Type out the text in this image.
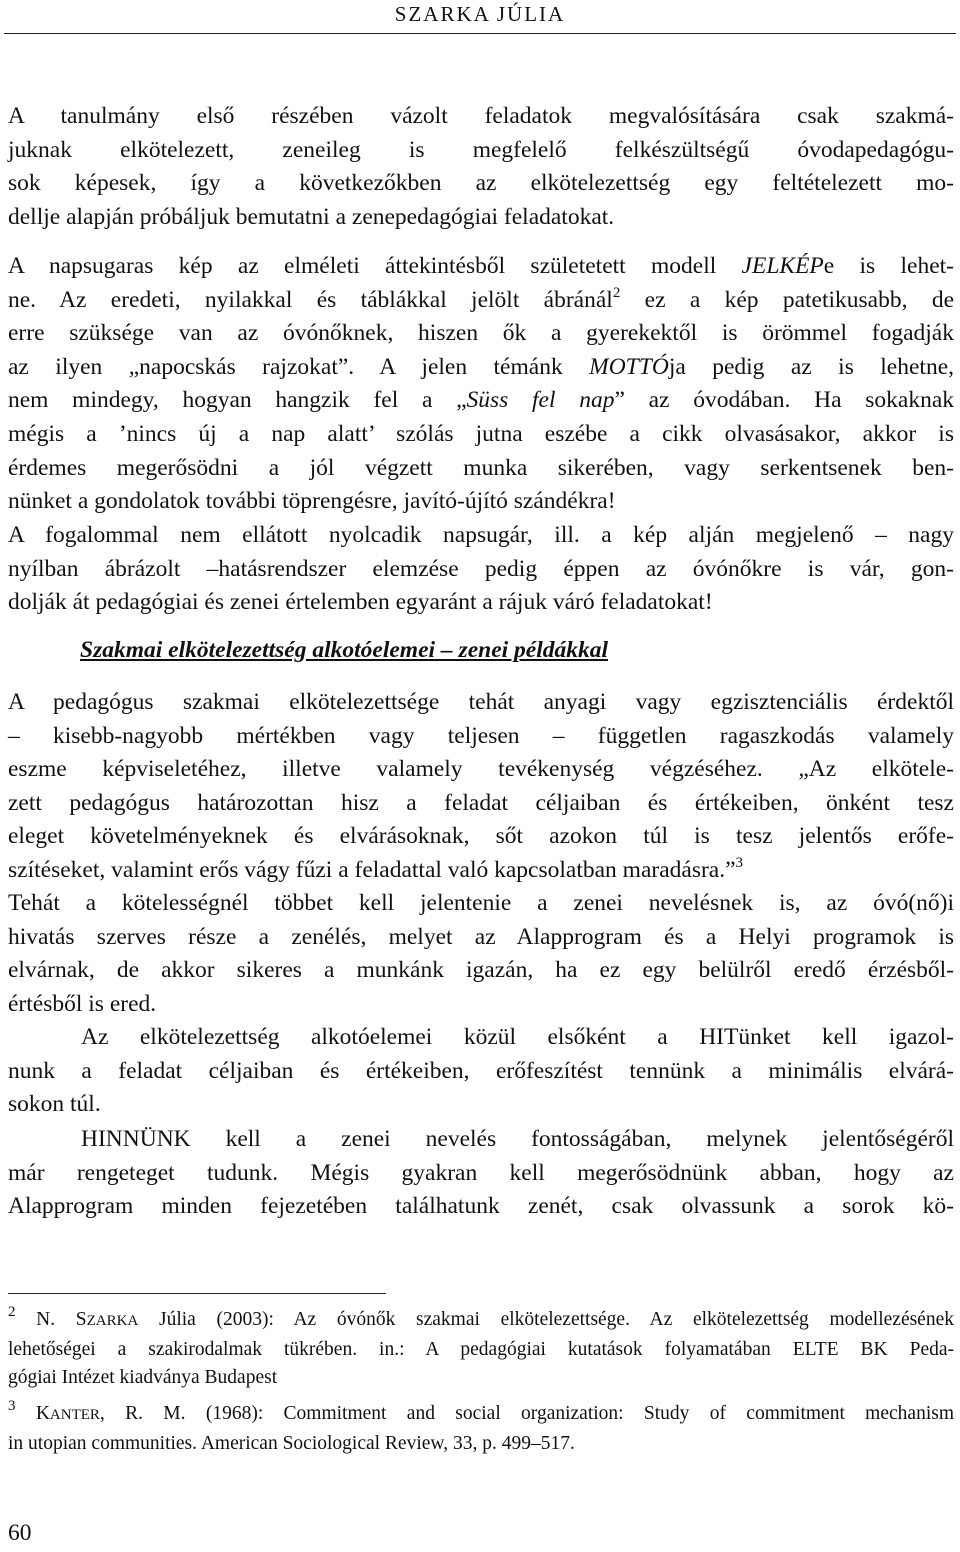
SZARKA JÚLIA
A tanulmány első részében vázolt feladatok megvalósítására csak szakmá-
juknak elkötelezett, zeneileg is megfelelő felkészültségű óvodapedagógu-
sok képesek, így a következőkben az elkötelezettség egy feltételezett mo-
dellje alapján próbáljuk bemutatni a zenepedagógiai feladatokat.
A napsugaras kép az elméleti áttekintésből születetett modell JELKÉPe is lehet-
ne. Az eredeti, nyilakkal és táblákkal jelölt ábránál$^2$ ez a kép patetikusabb, de
erre szüksége van az óvónőknek, hiszen ők a gyerekektől is örömmel fogadják
az ilyen „napocskás rajzokat”. A jelen témánk MOTTÓja pedig az is lehetne,
nem mindegy, hogyan hangzik fel a „Süss fel nap” az óvodában. Ha sokaknak
mégis a ’nincs új a nap alatt’ szólás jutna eszébe a cikk olvasásakor, akkor is
érdemes megerősödni a jól végzett munka sikerében, vagy serkentsenek ben-
nünket a gondolatok további töprengésre, javító-újító szándékra!
A fogalommal nem ellátott nyolcadik napsugár, ill. a kép alján megjelenő – nagy
nyílban ábrázolt –hatásrendszer elemzése pedig éppen az óvónőkre is vár, gon-
dolják át pedagógiai és zenei értelemben egyaránt a rájuk váró feladatokat!
Szakmai elkötelezettség alkotóelemei – zenei példákkal
A pedagógus szakmai elkötelezettsége tehát anyagi vagy egzisztenciális érdektől
– kisebb-nagyobb mértékben vagy teljesen – független ragaszkodás valamely
eszme képviseletéhez, illetve valamely tevékenység végzéséhez. „Az elkötele-
zett pedagógus határozottan hisz a feladat céljaiban és értékeiben, önként tesz
eleget követelményeknek és elvárásoknak, sőt azokon túl is tesz jelentős erőfe-
szítéseket, valamint erős vágy fűzi a feladattal való kapcsolatban maradásra.”$^3$
Tehát a kötelességnél többet kell jelentenie a zenei nevelésnek is, az óvó(nő)i
hivatás szerves része a zenélés, melyet az Alapprogram és a Helyi programok is
elvárnak, de akkor sikeres a munkánk igazán, ha ez egy belülről eredő érzésből-
értésből is ered.
Az elkötelezettség alkotóelemei közül elsőként a HITünket kell igazol-
nunk a feladat céljaiban és értékeiben, erőfeszítést tennünk a minimális elvárá-
sokon túl.
HINNÜNK kell a zenei nevelés fontosságában, melynek jelentőségéről
már rengeteget tudunk. Mégis gyakran kell megerősödnünk abban, hogy az
Alapprogram minden fejezetében találhatunk zenét, csak olvassunk a sorok kö-
$^2$ N. SZARKA Júlia (2003): Az óvónők szakmai elkötelezettsége. Az elkötelezettség modellezésének
lehetőségei a szakirodalmak tükrében. in.: A pedagógiai kutatások folyamatában ELTE BK Peda-
gógiai Intézet kiadványa Budapest
$^3$ KANTER, R. M. (1968): Commitment and social organization: Study of commitment mechanism
in utopian communities. American Sociological Review, 33, p. 499–517.
60
